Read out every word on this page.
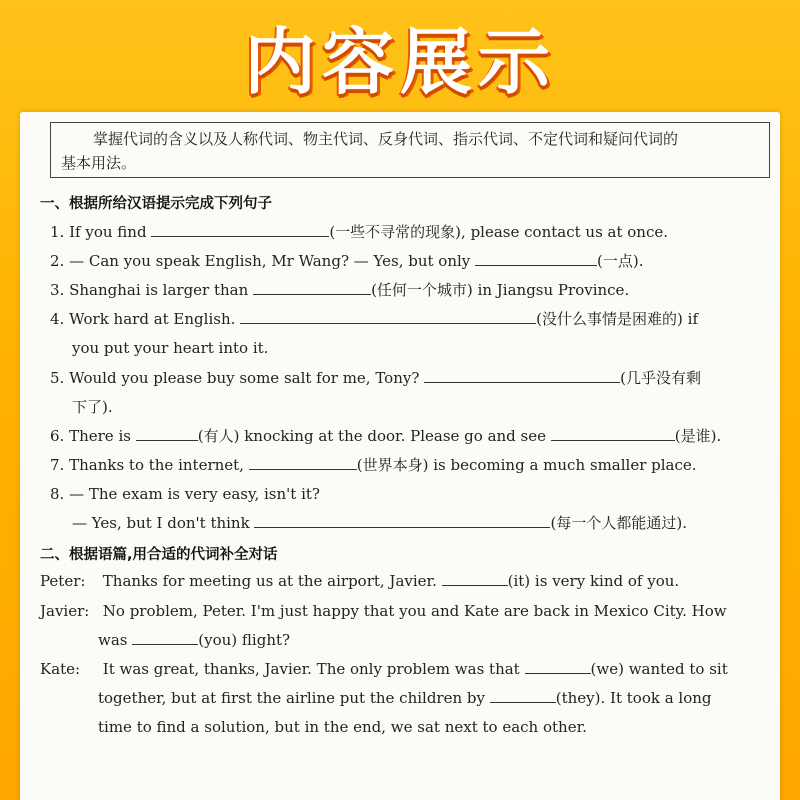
内容展示
掌握代词的含义以及人称代词、物主代词、反身代词、指示代词、不定代词和疑问代词的
基本用法。
一、根据所给汉语提示完成下列句子
1. If you find	(一些不寻常的现象), please contact us at once.
2. — Can you speak English, Mr Wang? — Yes, but only	(一点).
3. Shanghai is larger than	(任何一个城市) in Jiangsu Province.
4. Work hard at English.	(没什么事情是困难的) if
you put your heart into it.
5. Would you please buy some salt for me, Tony?	(几乎没有剩
下了).
6. There is	(有人) knocking at the door. Please go and see	(是谁).
7. Thanks to the internet,	(世界本身) is becoming a much smaller place.
8. — The exam is very easy, isn't it?
— Yes, but I don't think	(每一个人都能通过).
二、根据语篇,用合适的代词补全对话
Peter: Thanks for meeting us at the airport, Javier.	(it) is very kind of you.
Javier: No problem, Peter. I'm just happy that you and Kate are back in Mexico City. How
was	(you) flight?
Kate: It was great, thanks, Javier. The only problem was that	(we) wanted to sit
together, but at first the airline put the children by	(they). It took a long
time to find a solution, but in the end, we sat next to each other.
